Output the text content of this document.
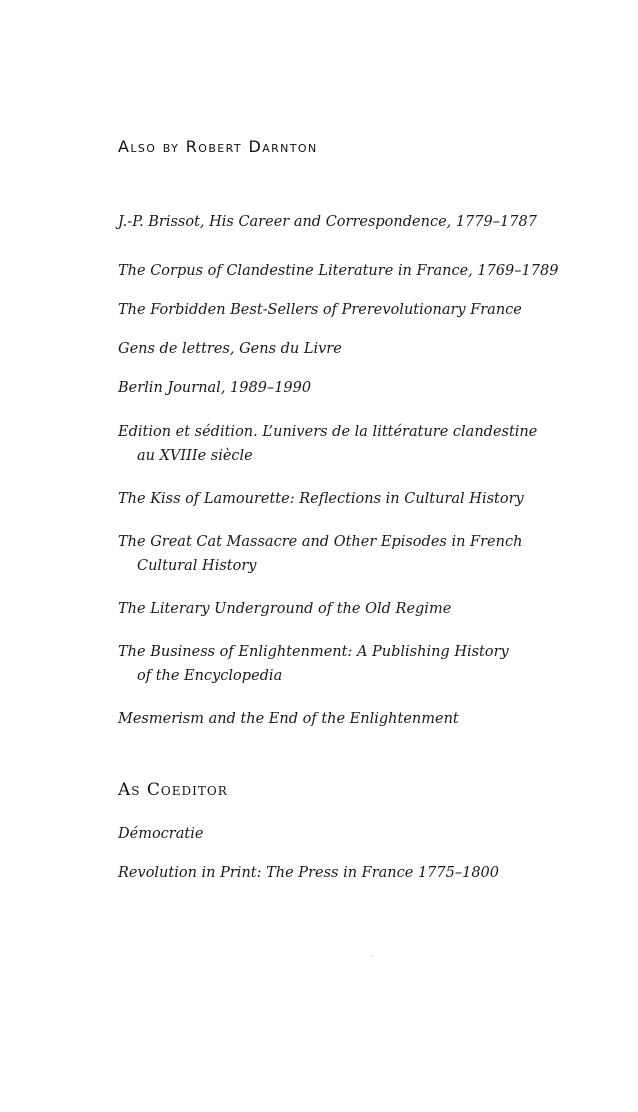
Also by Robert Darnton
J.-P. Brissot, His Career and Correspondence, 1779–1787
The Corpus of Clandestine Literature in France, 1769–1789
The Forbidden Best-Sellers of Prerevolutionary France
Gens de lettres, Gens du Livre
Berlin Journal, 1989–1990
Edition et sédition. L’univers de la littérature clandestine
au XVIIIe siècle
The Kiss of Lamourette: Reflections in Cultural History
The Great Cat Massacre and Other Episodes in French
Cultural History
The Literary Underground of the Old Regime
The Business of Enlightenment: A Publishing History
of the Encyclopedia
Mesmerism and the End of the Enlightenment
As Coeditor
Démocratie
Revolution in Print: The Press in France 1775–1800
